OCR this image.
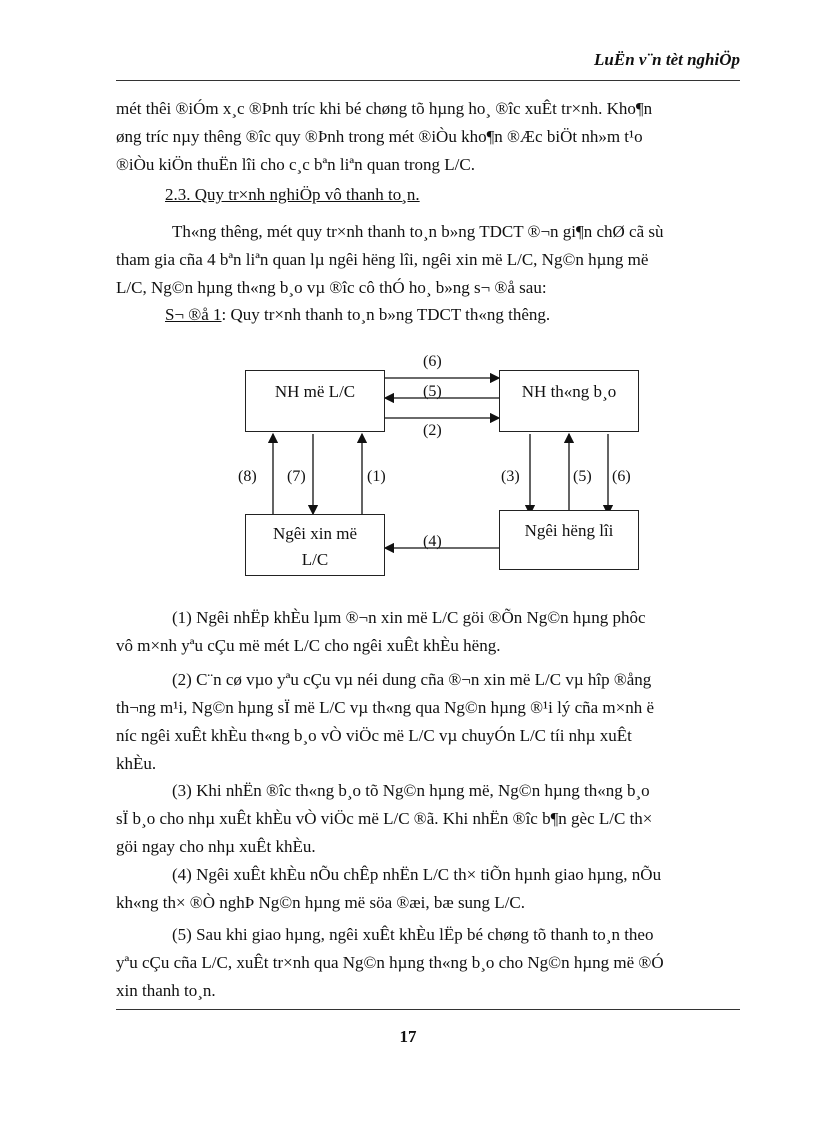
LuËn v¨n tèt nghiÖp

mét thêi ®iÓm x¸c ®Þnh tríc khi bé chøng tõ hµng ho¸ ®îc xuÊt tr×nh. Kho¶n
øng tríc nµy thêng ®îc quy ®Þnh trong mét ®iÒu kho¶n ®Æc biÖt nh»m t¹o
®iÒu kiÖn thuËn lîi cho c¸c bªn liªn quan trong L/C.

2.3. Quy tr×nh nghiÖp vô thanh to¸n.

Th«ng thêng, mét quy tr×nh thanh to¸n b»ng TDCT ®¬n gi¶n chØ cã sù
tham gia cña 4 bªn liªn quan lµ ngêi hëng lîi, ngêi xin më L/C, Ng©n hµng më
L/C, Ng©n hµng th«ng b¸o vµ ®îc cô thÓ ho¸ b»ng s¬ ®å sau:

S¬ ®å 1: Quy tr×nh thanh to¸n b»ng TDCT th«ng thêng.
NH më L/C	NH th«ng b¸o
Ngêi xin më
L/C
Ngêi hëng lîi
(6)
(5)
(2)
(8) (7)	(1)	(3)	(5) (6)
(4)

(1) Ngêi nhËp khÈu lµm ®¬n xin më L/C göi ®Õn Ng©n hµng phôc
vô m×nh yªu cÇu më mét L/C cho ngêi xuÊt khÈu hëng.

(2) C¨n cø vµo yªu cÇu vµ néi dung cña ®¬n xin më L/C vµ hîp ®ång
th¬ng m¹i, Ng©n hµng sÏ më L/C vµ th«ng qua Ng©n hµng ®¹i lý cña m×nh ë
níc ngêi xuÊt khÈu th«ng b¸o vÒ viÖc më L/C vµ chuyÓn L/C tíi nhµ xuÊt
khÈu.

(3) Khi nhËn ®îc th«ng b¸o tõ Ng©n hµng më, Ng©n hµng th«ng b¸o
sÏ b¸o cho nhµ xuÊt khÈu vÒ viÖc më L/C ®ã. Khi nhËn ®îc b¶n gèc L/C th×
göi ngay cho nhµ xuÊt khÈu.

(4) Ngêi xuÊt khÈu nÕu chÊp nhËn L/C th× tiÕn hµnh giao hµng, nÕu
kh«ng th× ®Ò nghÞ Ng©n hµng më söa ®æi, bæ sung L/C.

(5) Sau khi giao hµng, ngêi xuÊt khÈu lËp bé chøng tõ thanh to¸n theo
yªu cÇu cña L/C, xuÊt tr×nh qua Ng©n hµng th«ng b¸o cho Ng©n hµng më ®Ó
xin thanh to¸n.

17
